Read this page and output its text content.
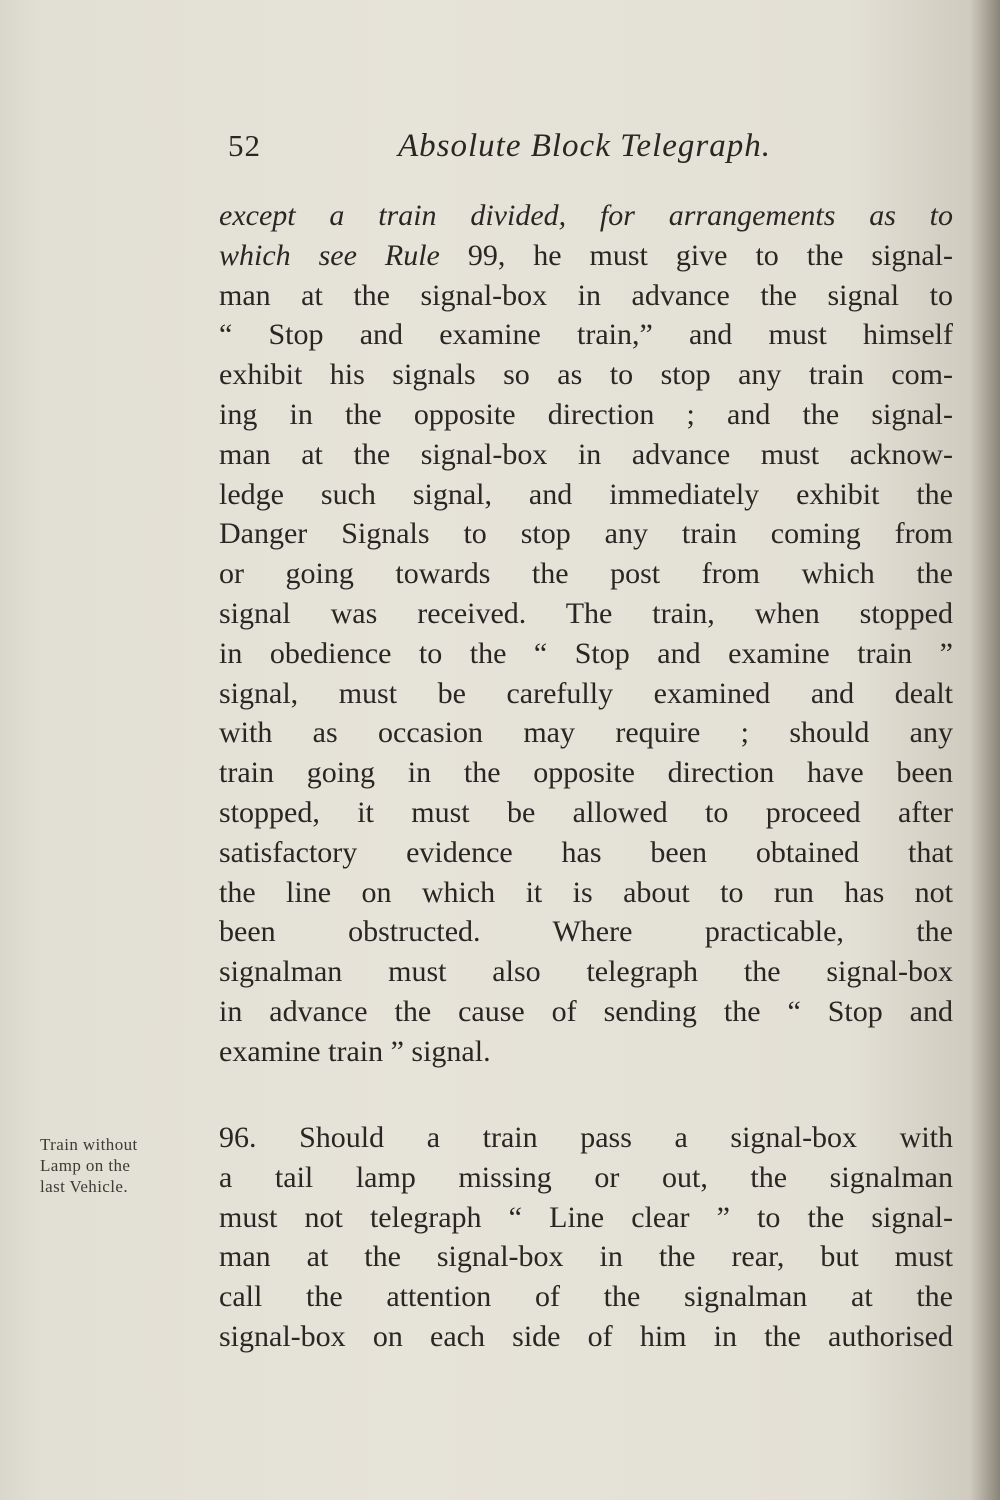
52	Absolute Block Telegraph.
except a train divided, for arrangements as to
which see Rule 99, he must give to the signal-
man at the signal-box in advance the signal to
“ Stop and examine train,” and must himself
exhibit his signals so as to stop any train com-
ing in the opposite direction ; and the signal-
man at the signal-box in advance must acknow-
ledge such signal, and immediately exhibit the
Danger Signals to stop any train coming from
or going towards the post from which the
signal was received. The train, when stopped
in obedience to the “ Stop and examine train ”
signal, must be carefully examined and dealt
with as occasion may require ; should any
train going in the opposite direction have been
stopped, it must be allowed to proceed after
satisfactory evidence has been obtained that
the line on which it is about to run has not
been obstructed. Where practicable, the
signalman must also telegraph the signal-box
in advance the cause of sending the “ Stop and
examine train ” signal.
Train without
Lamp on the
last Vehicle.
96. Should a train pass a signal-box with
a tail lamp missing or out, the signalman
must not telegraph “ Line clear ” to the signal-
man at the signal-box in the rear, but must
call the attention of the signalman at the
signal-box on each side of him in the authorised
